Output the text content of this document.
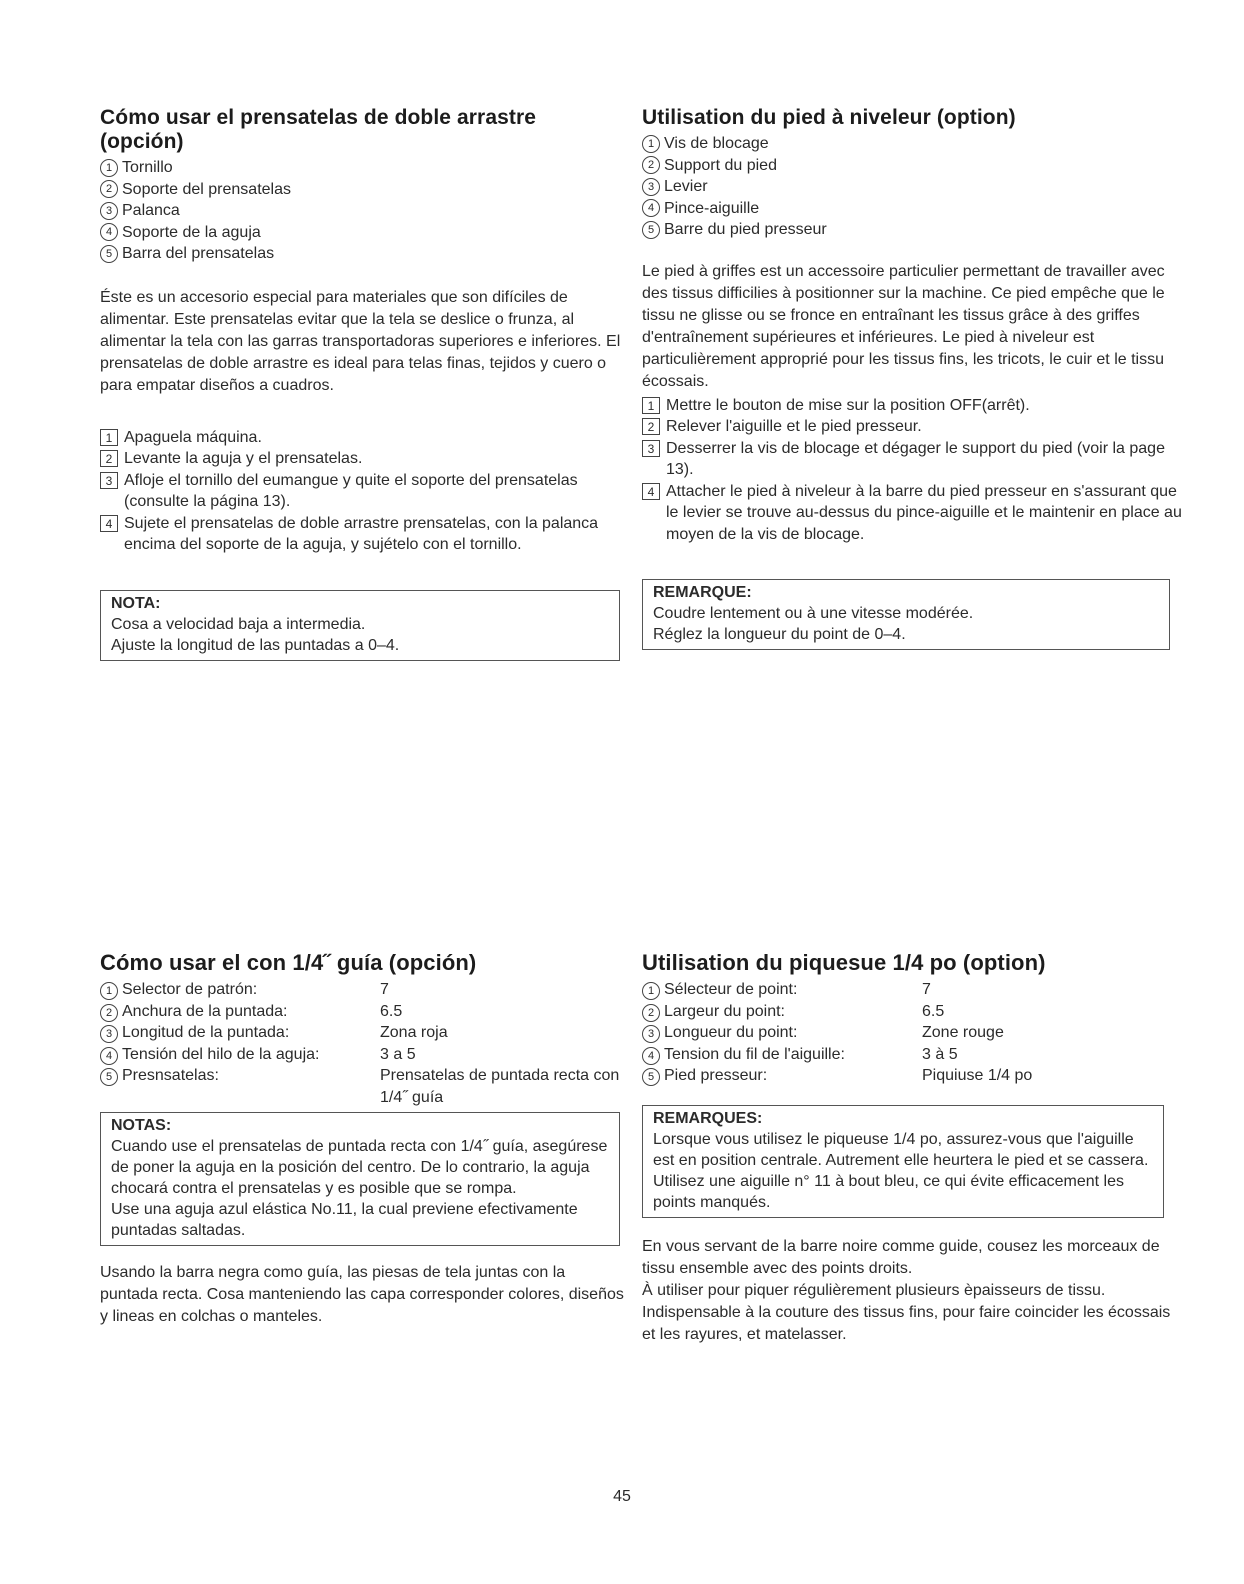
Cómo usar el prensatelas de doble arrastre (opción)
1 Tornillo
2 Soporte del prensatelas
3 Palanca
4 Soporte de la aguja
5 Barra del prensatelas

Éste es un accesorio especial para materiales que son difíciles de alimentar. Este prensatelas evitar que la tela se deslice o frunza, al alimentar la tela con las garras transportadoras superiores e inferiores. El prensatelas de doble arrastre es ideal para telas finas, tejidos y cuero o para empatar diseños a cuadros.

1 Apaguela máquina.
2 Levante la aguja y el prensatelas.
3 Afloje el tornillo del eumangue y quite el soporte del prensatelas (consulte la página 13).
4 Sujete el prensatelas de doble arrastre prensatelas, con la palanca encima del soporte de la aguja, y sujételo con el tornillo.
NOTA:
Cosa a velocidad baja a intermedia.
Ajuste la longitud de las puntadas a 0–4.
Utilisation du pied à niveleur (option)
1 Vis de blocage
2 Support du pied
3 Levier
4 Pince-aiguille
5 Barre du pied presseur

Le pied à griffes est un accessoire particulier permettant de travailler avec des tissus difficilies à positionner sur la machine. Ce pied empêche que le tissu ne glisse ou se fronce en entraînant les tissus grâce à des griffes d'entraînement supérieures et inférieures. Le pied à niveleur est particulièrement approprié pour les tissus fins, les tricots, le cuir et le tissu écossais.

1 Mettre le bouton de mise sur la position OFF(arrêt).
2 Relever l'aiguille et le pied presseur.
3 Desserrer la vis de blocage et dégager le support du pied (voir la page 13).
4 Attacher le pied à niveleur à la barre du pied presseur en s'assurant que le levier se trouve au-dessus du pince-aiguille et le maintenir en place au moyen de la vis de blocage.
REMARQUE:
Coudre lentement ou à une vitesse modérée.
Réglez la longueur du point de 0–4.
Cómo usar el con 1/4˝ guía (opción)
1 Selector de patrón:	7
2 Anchura de la puntada:	6.5
3 Longitud de la puntada:	Zona roja
4 Tensión del hilo de la aguja:	3 a 5
5 Presnsatelas:	Prensatelas de puntada recta con 1/4˝ guía
NOTAS:
Cuando use el prensatelas de puntada recta con 1/4˝ guía, asegúrese de poner la aguja en la posición del centro. De lo contrario, la aguja chocará contra el prensatelas y es posible que se rompa.
Use una aguja azul elástica No.11, la cual previene efectivamente puntadas saltadas.

Usando la barra negra como guía, las piesas de tela juntas con la puntada recta. Cosa manteniendo las capa corresponder colores, diseños y lineas en colchas o manteles.

Utilisation du piquesue 1/4 po (option)
1 Sélecteur de point:	7
2 Largeur du point:	6.5
3 Longueur du point:	Zone rouge
4 Tension du fil de l'aiguille:	3 à 5
5 Pied presseur:	Piquiuse 1/4 po
REMARQUES:
Lorsque vous utilisez le piqueuse 1/4 po, assurez-vous que l'aiguille est en position centrale. Autrement elle heurtera le pied et se cassera.
Utilisez une aiguille n° 11 à bout bleu, ce qui évite efficacement les points manqués.

En vous servant de la barre noire comme guide, cousez les morceaux de tissu ensemble avec des points droits.
À utiliser pour piquer régulièrement plusieurs èpaisseurs de tissu. Indispensable à la couture des tissus fins, pour faire coincider les écossais et les rayures, et matelasser.

45
